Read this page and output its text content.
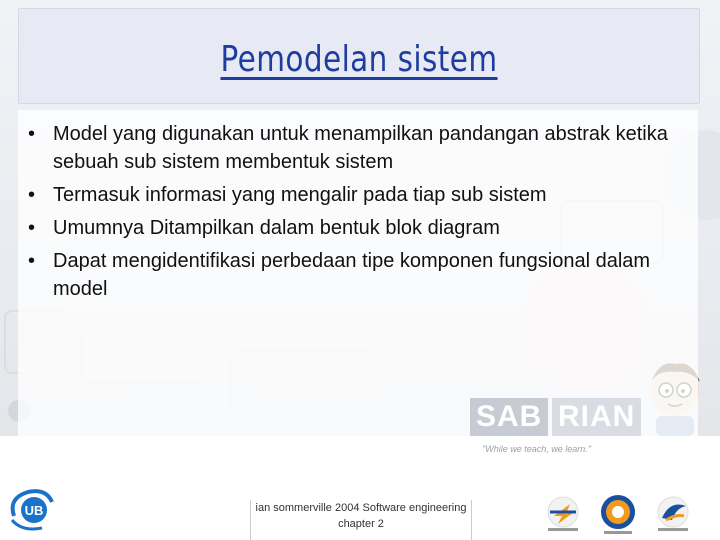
Pemodelan sistem
• Model yang digunakan untuk menampilkan pandangan abstrak ketika sebuah sub sistem membentuk sistem
• Termasuk informasi yang mengalir pada tiap sub sistem
• Umumnya Ditampilkan dalam bentuk blok diagram
• Dapat mengidentifikasi perbedaan tipe komponen fungsional dalam model
SAB RIAN
"While we teach, we learn."
UB	ian sommerville 2004 Software engineering
chapter 2
